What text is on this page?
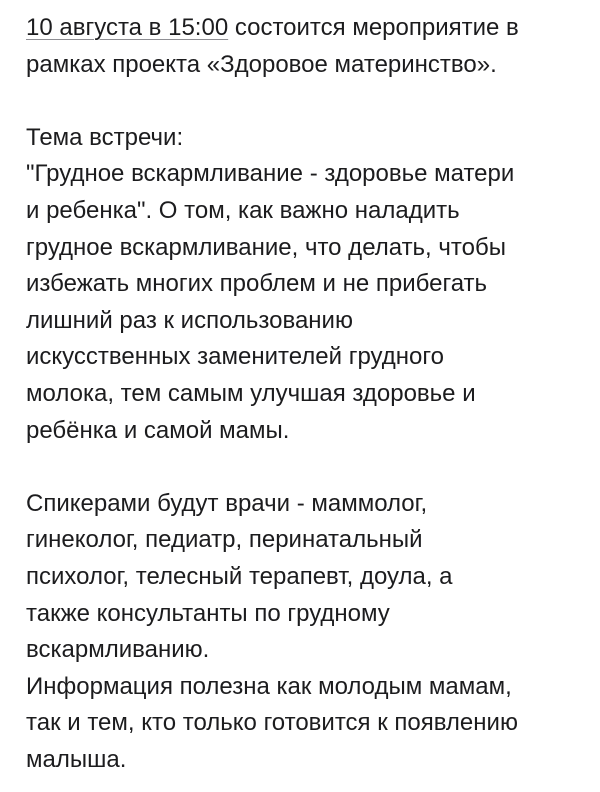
10 августа в 15:00 состоится мероприятие в
рамках проекта «Здоровое материнство».
Тема встречи:
"Грудное вскармливание - здоровье матери
и ребенка". О том, как важно наладить
грудное вскармливание, что делать, чтобы
избежать многих проблем и не прибегать
лишний раз к использованию
искусственных заменителей грудного
молока, тем самым улучшая здоровье и
ребёнка и самой мамы.
Спикерами будут врачи - маммолог,
гинеколог, педиатр, перинатальный
психолог, телесный терапевт, доула, а
также консультанты по грудному
вскармливанию.
Информация полезна как молодым мамам,
так и тем, кто только готовится к появлению
малыша.
